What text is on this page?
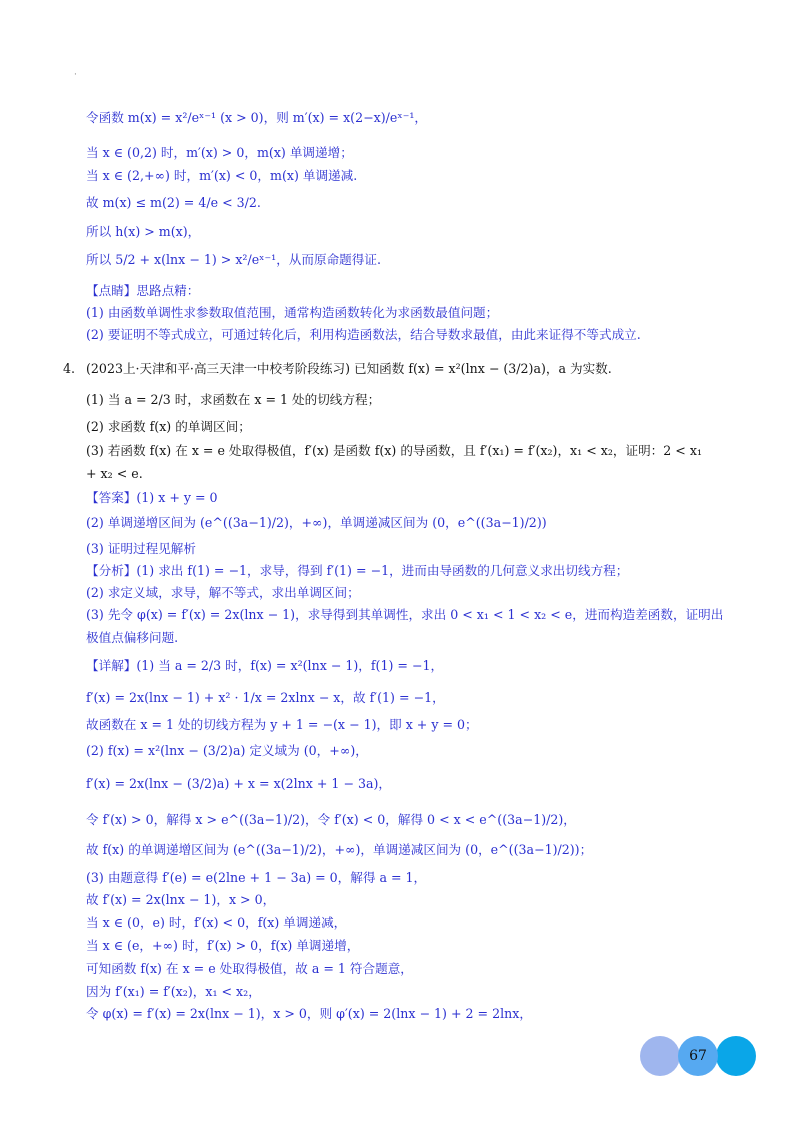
·
令函数 m(x) = x²/eˣ⁻¹ (x > 0)，则 m′(x) = x(2−x)/eˣ⁻¹，
当 x ∈ (0,2) 时，m′(x) > 0，m(x) 单调递增；
当 x ∈ (2,+∞) 时，m′(x) < 0，m(x) 单调递减.
故 m(x) ≤ m(2) = 4/e < 3/2.
所以 h(x) > m(x)，
所以 5/2 + x(lnx − 1) > x²/eˣ⁻¹，从而原命题得证.
【点睛】思路点精：
(1) 由函数单调性求参数取值范围，通常构造函数转化为求函数最值问题；
(2) 要证明不等式成立，可通过转化后，利用构造函数法，结合导数求最值，由此来证得不等式成立.
4. (2023上·天津和平·高三天津一中校考阶段练习) 已知函数 f(x) = x²(lnx − (3/2)a)，a 为实数.
(1) 当 a = 2/3 时，求函数在 x = 1 处的切线方程；
(2) 求函数 f(x) 的单调区间；
(3) 若函数 f(x) 在 x = e 处取得极值，f′(x) 是函数 f(x) 的导函数，且 f′(x₁) = f′(x₂)，x₁ < x₂，证明：2 < x₁
+ x₂ < e.
【答案】(1) x + y = 0
(2) 单调递增区间为 (e^((3a−1)/2)，+∞)，单调递减区间为 (0，e^((3a−1)/2))
(3) 证明过程见解析
【分析】(1) 求出 f(1) = −1，求导，得到 f′(1) = −1，进而由导函数的几何意义求出切线方程；
(2) 求定义域，求导，解不等式，求出单调区间；
(3) 先令 φ(x) = f′(x) = 2x(lnx − 1)，求导得到其单调性，求出 0 < x₁ < 1 < x₂ < e，进而构造差函数，证明出
极值点偏移问题.
【详解】(1) 当 a = 2/3 时，f(x) = x²(lnx − 1)，f(1) = −1，
f′(x) = 2x(lnx − 1) + x² · 1/x = 2xlnx − x，故 f′(1) = −1，
故函数在 x = 1 处的切线方程为 y + 1 = −(x − 1)，即 x + y = 0；
(2) f(x) = x²(lnx − (3/2)a) 定义域为 (0，+∞)，
f′(x) = 2x(lnx − (3/2)a) + x = x(2lnx + 1 − 3a)，
令 f′(x) > 0，解得 x > e^((3a−1)/2)，令 f′(x) < 0，解得 0 < x < e^((3a−1)/2)，
故 f(x) 的单调递增区间为 (e^((3a−1)/2)，+∞)，单调递减区间为 (0，e^((3a−1)/2))；
(3) 由题意得 f′(e) = e(2lne + 1 − 3a) = 0，解得 a = 1，
故 f′(x) = 2x(lnx − 1)，x > 0，
当 x ∈ (0，e) 时，f′(x) < 0，f(x) 单调递减，
当 x ∈ (e，+∞) 时，f′(x) > 0，f(x) 单调递增，
可知函数 f(x) 在 x = e 处取得极值，故 a = 1 符合题意，
因为 f′(x₁) = f′(x₂)，x₁ < x₂，
令 φ(x) = f′(x) = 2x(lnx − 1)，x > 0，则 φ′(x) = 2(lnx − 1) + 2 = 2lnx，
67
